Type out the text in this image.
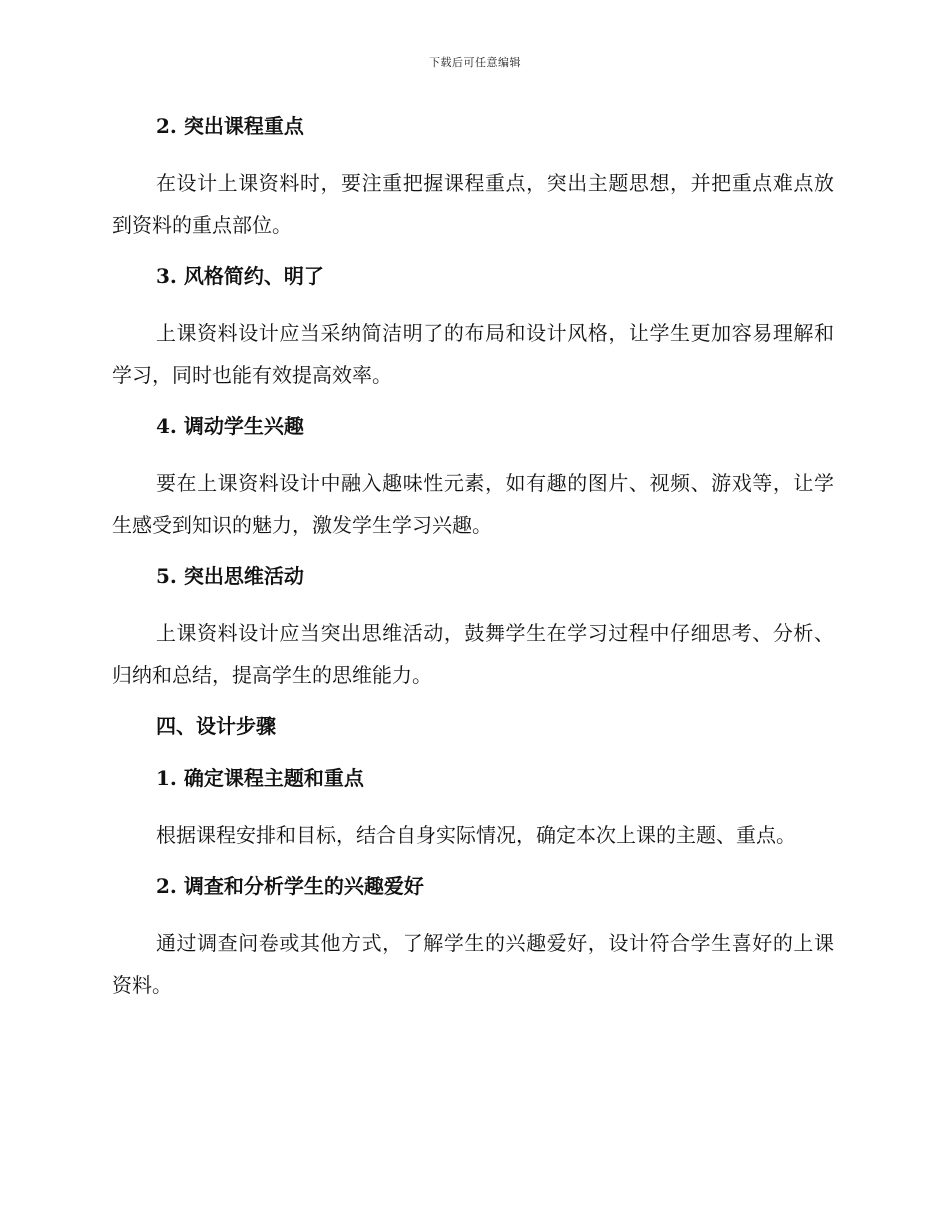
下载后可任意编辑
2. 突出课程重点

在设计上课资料时，要注重把握课程重点，突出主题思想，并把重点难点放到资料的重点部位。

3. 风格简约、明了

上课资料设计应当采纳简洁明了的布局和设计风格，让学生更加容易理解和学习，同时也能有效提高效率。

4. 调动学生兴趣

要在上课资料设计中融入趣味性元素，如有趣的图片、视频、游戏等，让学生感受到知识的魅力，激发学生学习兴趣。

5. 突出思维活动

上课资料设计应当突出思维活动，鼓舞学生在学习过程中仔细思考、分析、归纳和总结，提高学生的思维能力。

四、设计步骤
1. 确定课程主题和重点

根据课程安排和目标，结合自身实际情况，确定本次上课的主题、重点。

2. 调查和分析学生的兴趣爱好

通过调查问卷或其他方式，了解学生的兴趣爱好，设计符合学生喜好的上课资料。
